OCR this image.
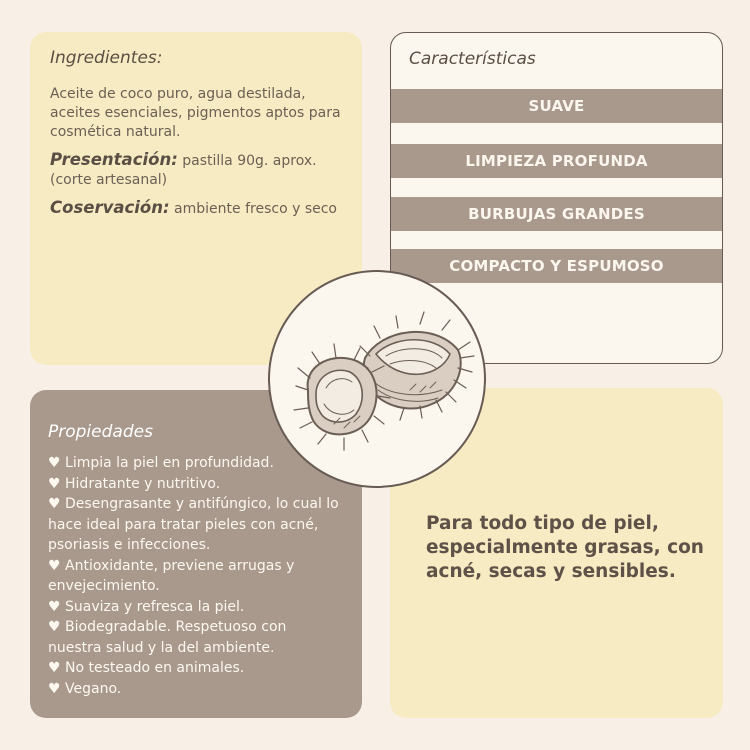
Ingredientes:

Aceite de coco puro, agua destilada, aceites esenciales, pigmentos aptos para cosmética natural.

Presentación: pastilla 90g. aprox. (corte artesanal)

Coservación: ambiente fresco y seco

Características

SUAVE
LIMPIEZA PROFUNDA
BURBUJAS GRANDES
COMPACTO Y ESPUMOSO

Propiedades

♥ Limpia la piel en profundidad.
♥ Hidratante y nutritivo.
♥ Desengrasante y antifúngico, lo cual lo hace ideal para tratar pieles con acné, psoriasis e infecciones.
♥ Antioxidante, previene arrugas y envejecimiento.
♥ Suaviza y refresca la piel.
♥ Biodegradable. Respetuoso con nuestra salud y la del ambiente.
♥ No testeado en animales.
♥ Vegano.
Para todo tipo de piel, especialmente grasas, con acné, secas y sensibles.
